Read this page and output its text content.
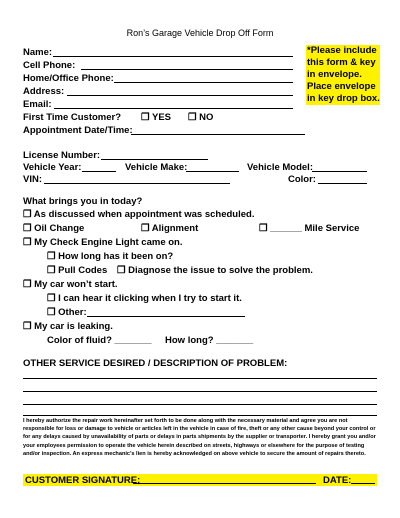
Ron’s Garage Vehicle Drop Off Form
Name:
Cell Phone:
Home/Office Phone:
Address:
Email:
*Please include
this form & key
in envelope.
Place envelope
in key drop box.
First Time Customer? ❒ YES ❒ NO
Appointment Date/Time:
License Number:
Vehicle Year:	Vehicle Make:	Vehicle Model:
VIN:	Color:
What brings you in today?
❒ As discussed when appointment was scheduled.
❒ Oil Change	❒ Alignment	❒ ______ Mile Service
❒ My Check Engine Light came on.
❒ How long has it been on?
❒ Pull Codes ❒ Diagnose the issue to solve the problem.
❒ My car won’t start.
❒ I can hear it clicking when I try to start it.
❒ Other:
❒ My car is leaking.
Color of fluid? _______ How long? _______
OTHER SERVICE DESIRED / DESCRIPTION OF PROBLEM:
I hereby authorize the repair work hereinafter set forth to be done along with the necessary material and agree you are not responsible for loss or damage to vehicle or articles left in the vehicle in case of fire, theft or any other cause beyond your control or for any delays caused by unavailability of parts or delays in parts shipments by the supplier or transporter. I hereby grant you and/or your employees permission to operate the vehicle herein described on streets, highways or elsewhere for the purpose of testing and/or inspection. An express mechanic’s lien is hereby acknowledged on above vehicle to secure the amount of repairs thereto.
CUSTOMER SIGNATURE:	DATE:
